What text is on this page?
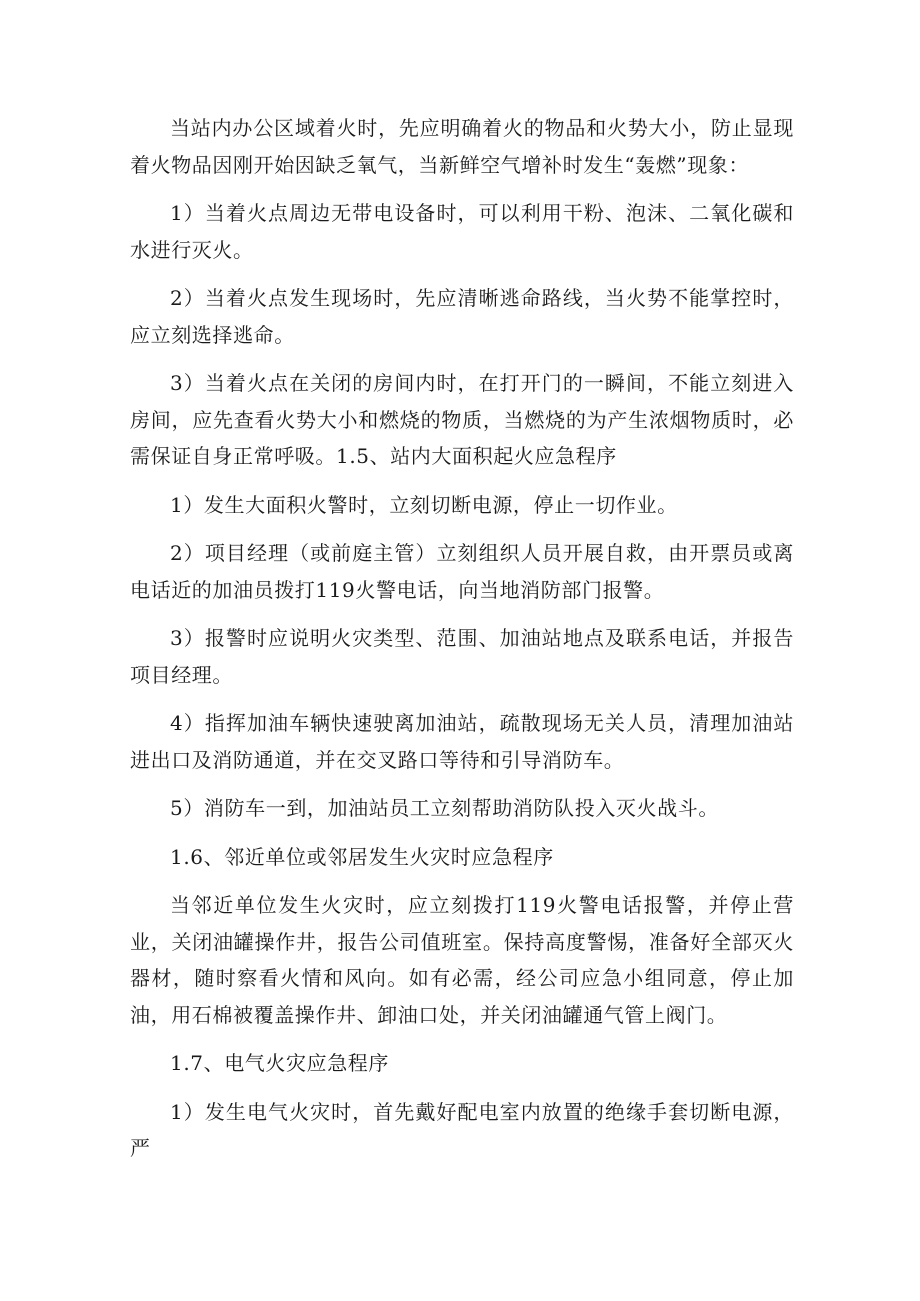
当站内办公区域着火时，先应明确着火的物品和火势大小，防止显现着火物品因刚开始因缺乏氧气，当新鲜空气增补时发生“轰燃”现象：

1）当着火点周边无带电设备时，可以利用干粉、泡沫、二氧化碳和水进行灭火。

2）当着火点发生现场时，先应清晰逃命路线，当火势不能掌控时，应立刻选择逃命。

3）当着火点在关闭的房间内时，在打开门的一瞬间，不能立刻进入房间，应先查看火势大小和燃烧的物质，当燃烧的为产生浓烟物质时，必需保证自身正常呼吸。1.5、站内大面积起火应急程序

1）发生大面积火警时，立刻切断电源，停止一切作业。

2）项目经理（或前庭主管）立刻组织人员开展自救，由开票员或离电话近的加油员拨打119火警电话，向当地消防部门报警。

3）报警时应说明火灾类型、范围、加油站地点及联系电话，并报告项目经理。

4）指挥加油车辆快速驶离加油站，疏散现场无关人员，清理加油站进出口及消防通道，并在交叉路口等待和引导消防车。

5）消防车一到，加油站员工立刻帮助消防队投入灭火战斗。

1.6、邻近单位或邻居发生火灾时应急程序

当邻近单位发生火灾时，应立刻拨打119火警电话报警，并停止营业，关闭油罐操作井，报告公司值班室。保持高度警惕，准备好全部灭火器材，随时察看火情和风向。如有必需，经公司应急小组同意，停止加油，用石棉被覆盖操作井、卸油口处，并关闭油罐通气管上阀门。

1.7、电气火灾应急程序

1）发生电气火灾时，首先戴好配电室内放置的绝缘手套切断电源，严
